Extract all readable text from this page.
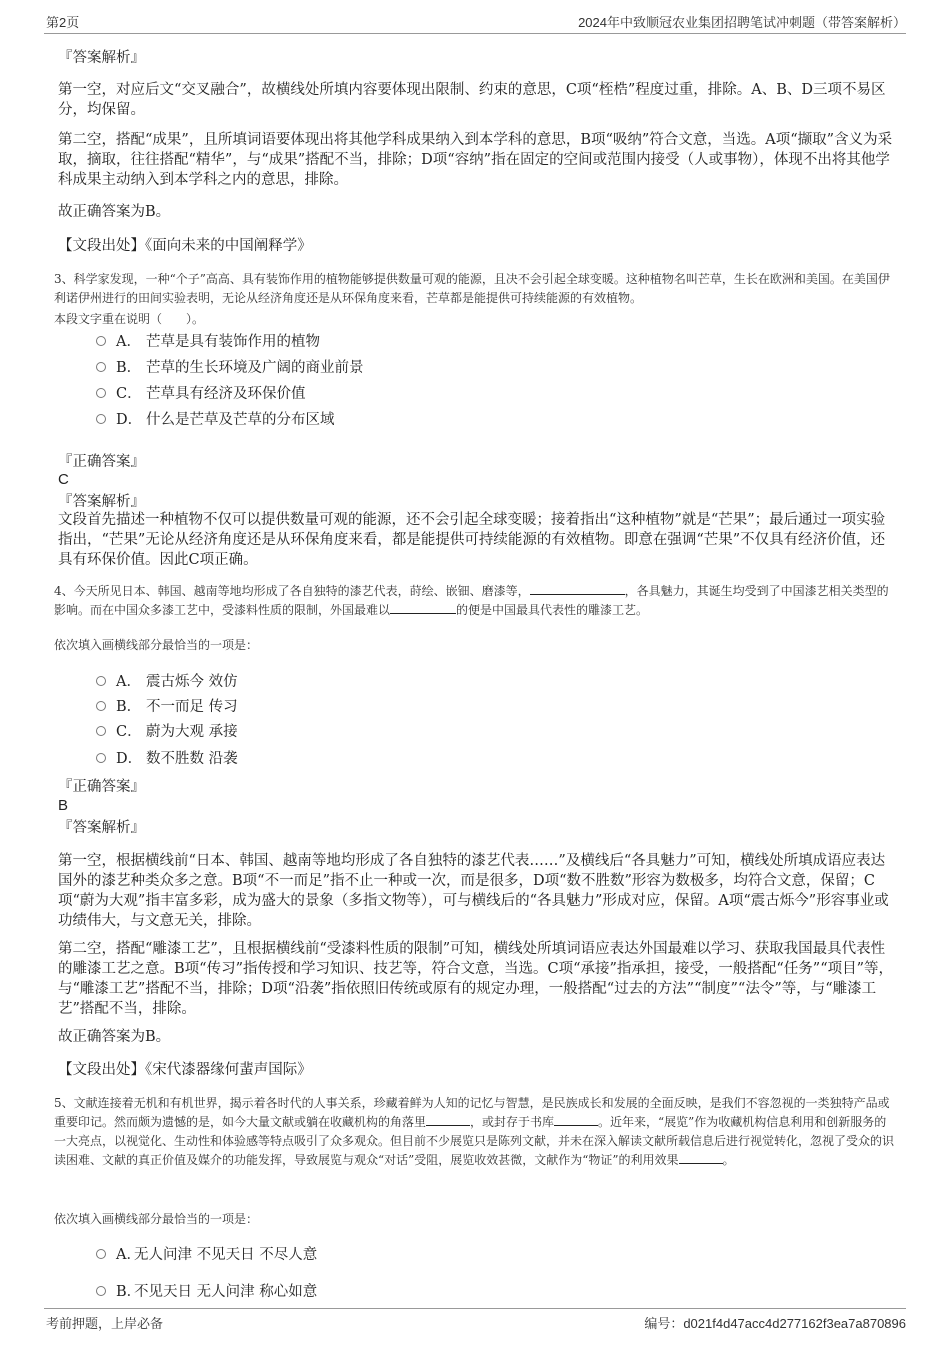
第2页	2024年中致顺冠农业集团招聘笔试冲刺题（带答案解析）
『答案解析』
第一空，对应后文“交叉融合”，故横线处所填内容要体现出限制、约束的意思，C项“桎梏”程度过重，排除。A、B、D三项不易区分，均保留。
第二空，搭配“成果”，且所填词语要体现出将其他学科成果纳入到本学科的意思，B项“吸纳”符合文意，当选。A项“撷取”含义为采取，摘取，往往搭配“精华”，与“成果”搭配不当，排除；D项“容纳”指在固定的空间或范围内接受（人或事物），体现不出将其他学科成果主动纳入到本学科之内的意思，排除。
故正确答案为B。
【文段出处】《面向未来的中国阐释学》
3、科学家发现，一种“个子”高高、具有装饰作用的植物能够提供数量可观的能源，且决不会引起全球变暖。这种植物名叫芒草，生长在欧洲和美国。在美国伊利诺伊州进行的田间实验表明，无论从经济角度还是从环保角度来看，芒草都是能提供可持续能源的有效植物。
本段文字重在说明（　　）。
A． 芒草是具有装饰作用的植物
B． 芒草的生长环境及广阔的商业前景
C． 芒草具有经济及环保价值
D． 什么是芒草及芒草的分布区域
『正确答案』
C
『答案解析』
文段首先描述一种植物不仅可以提供数量可观的能源，还不会引起全球变暖；接着指出“这种植物”就是“芒果”；最后通过一项实验指出，“芒果”无论从经济角度还是从环保角度来看，都是能提供可持续能源的有效植物。即意在强调“芒果”不仅具有经济价值，还具有环保价值。因此C项正确。
4、今天所见日本、韩国、越南等地均形成了各自独特的漆艺代表，莳绘、嵌钿、磨漆等，	，各具魅力，其诞生均受到了中国漆艺相关类型的影响。而在中国众多漆工艺中，受漆料性质的限制，外国最难以	的便是中国最具代表性的雕漆工艺。
依次填入画横线部分最恰当的一项是：
A． 震古烁今 效仿
B． 不一而足 传习
C． 蔚为大观 承接
D． 数不胜数 沿袭
『正确答案』
B
『答案解析』
第一空，根据横线前“日本、韩国、越南等地均形成了各自独特的漆艺代表……”及横线后“各具魅力”可知，横线处所填成语应表达国外的漆艺种类众多之意。B项“不一而足”指不止一种或一次，而是很多，D项“数不胜数”形容为数极多，均符合文意，保留；C项“蔚为大观”指丰富多彩，成为盛大的景象（多指文物等），可与横线后的“各具魅力”形成对应，保留。A项“震古烁今”形容事业或功绩伟大，与文意无关，排除。
第二空，搭配“雕漆工艺”，且根据横线前“受漆料性质的限制”可知，横线处所填词语应表达外国最难以学习、获取我国最具代表性的雕漆工艺之意。B项“传习”指传授和学习知识、技艺等，符合文意，当选。C项“承接”指承担，接受，一般搭配“任务”“项目”等，与“雕漆工艺”搭配不当，排除；D项“沿袭”指依照旧传统或原有的规定办理，一般搭配“过去的方法”“制度”“法令”等，与“雕漆工艺”搭配不当，排除。
故正确答案为B。
【文段出处】《宋代漆器缘何蜚声国际》
5、文献连接着无机和有机世界，揭示着各时代的人事关系，珍藏着鲜为人知的记忆与智慧，是民族成长和发展的全面反映，是我们不容忽视的一类独特产品或重要印记。然而颇为遗憾的是，如今大量文献或躺在收藏机构的角落里	，或封存于书库	。近年来，“展览”作为收藏机构信息利用和创新服务的一大亮点，以视觉化、生动性和体验感等特点吸引了众多观众。但目前不少展览只是陈列文献，并未在深入解读文献所载信息后进行视觉转化，忽视了受众的识读困难、文献的真正价值及媒介的功能发挥，导致展览与观众“对话”受阻，展览收效甚微，文献作为“物证”的利用效果	。
依次填入画横线部分最恰当的一项是：
A．无人问津 不见天日 不尽人意
B．不见天日 无人问津 称心如意
考前押题，上岸必备	编号：d021f4d47acc4d277162f3ea7a870896
